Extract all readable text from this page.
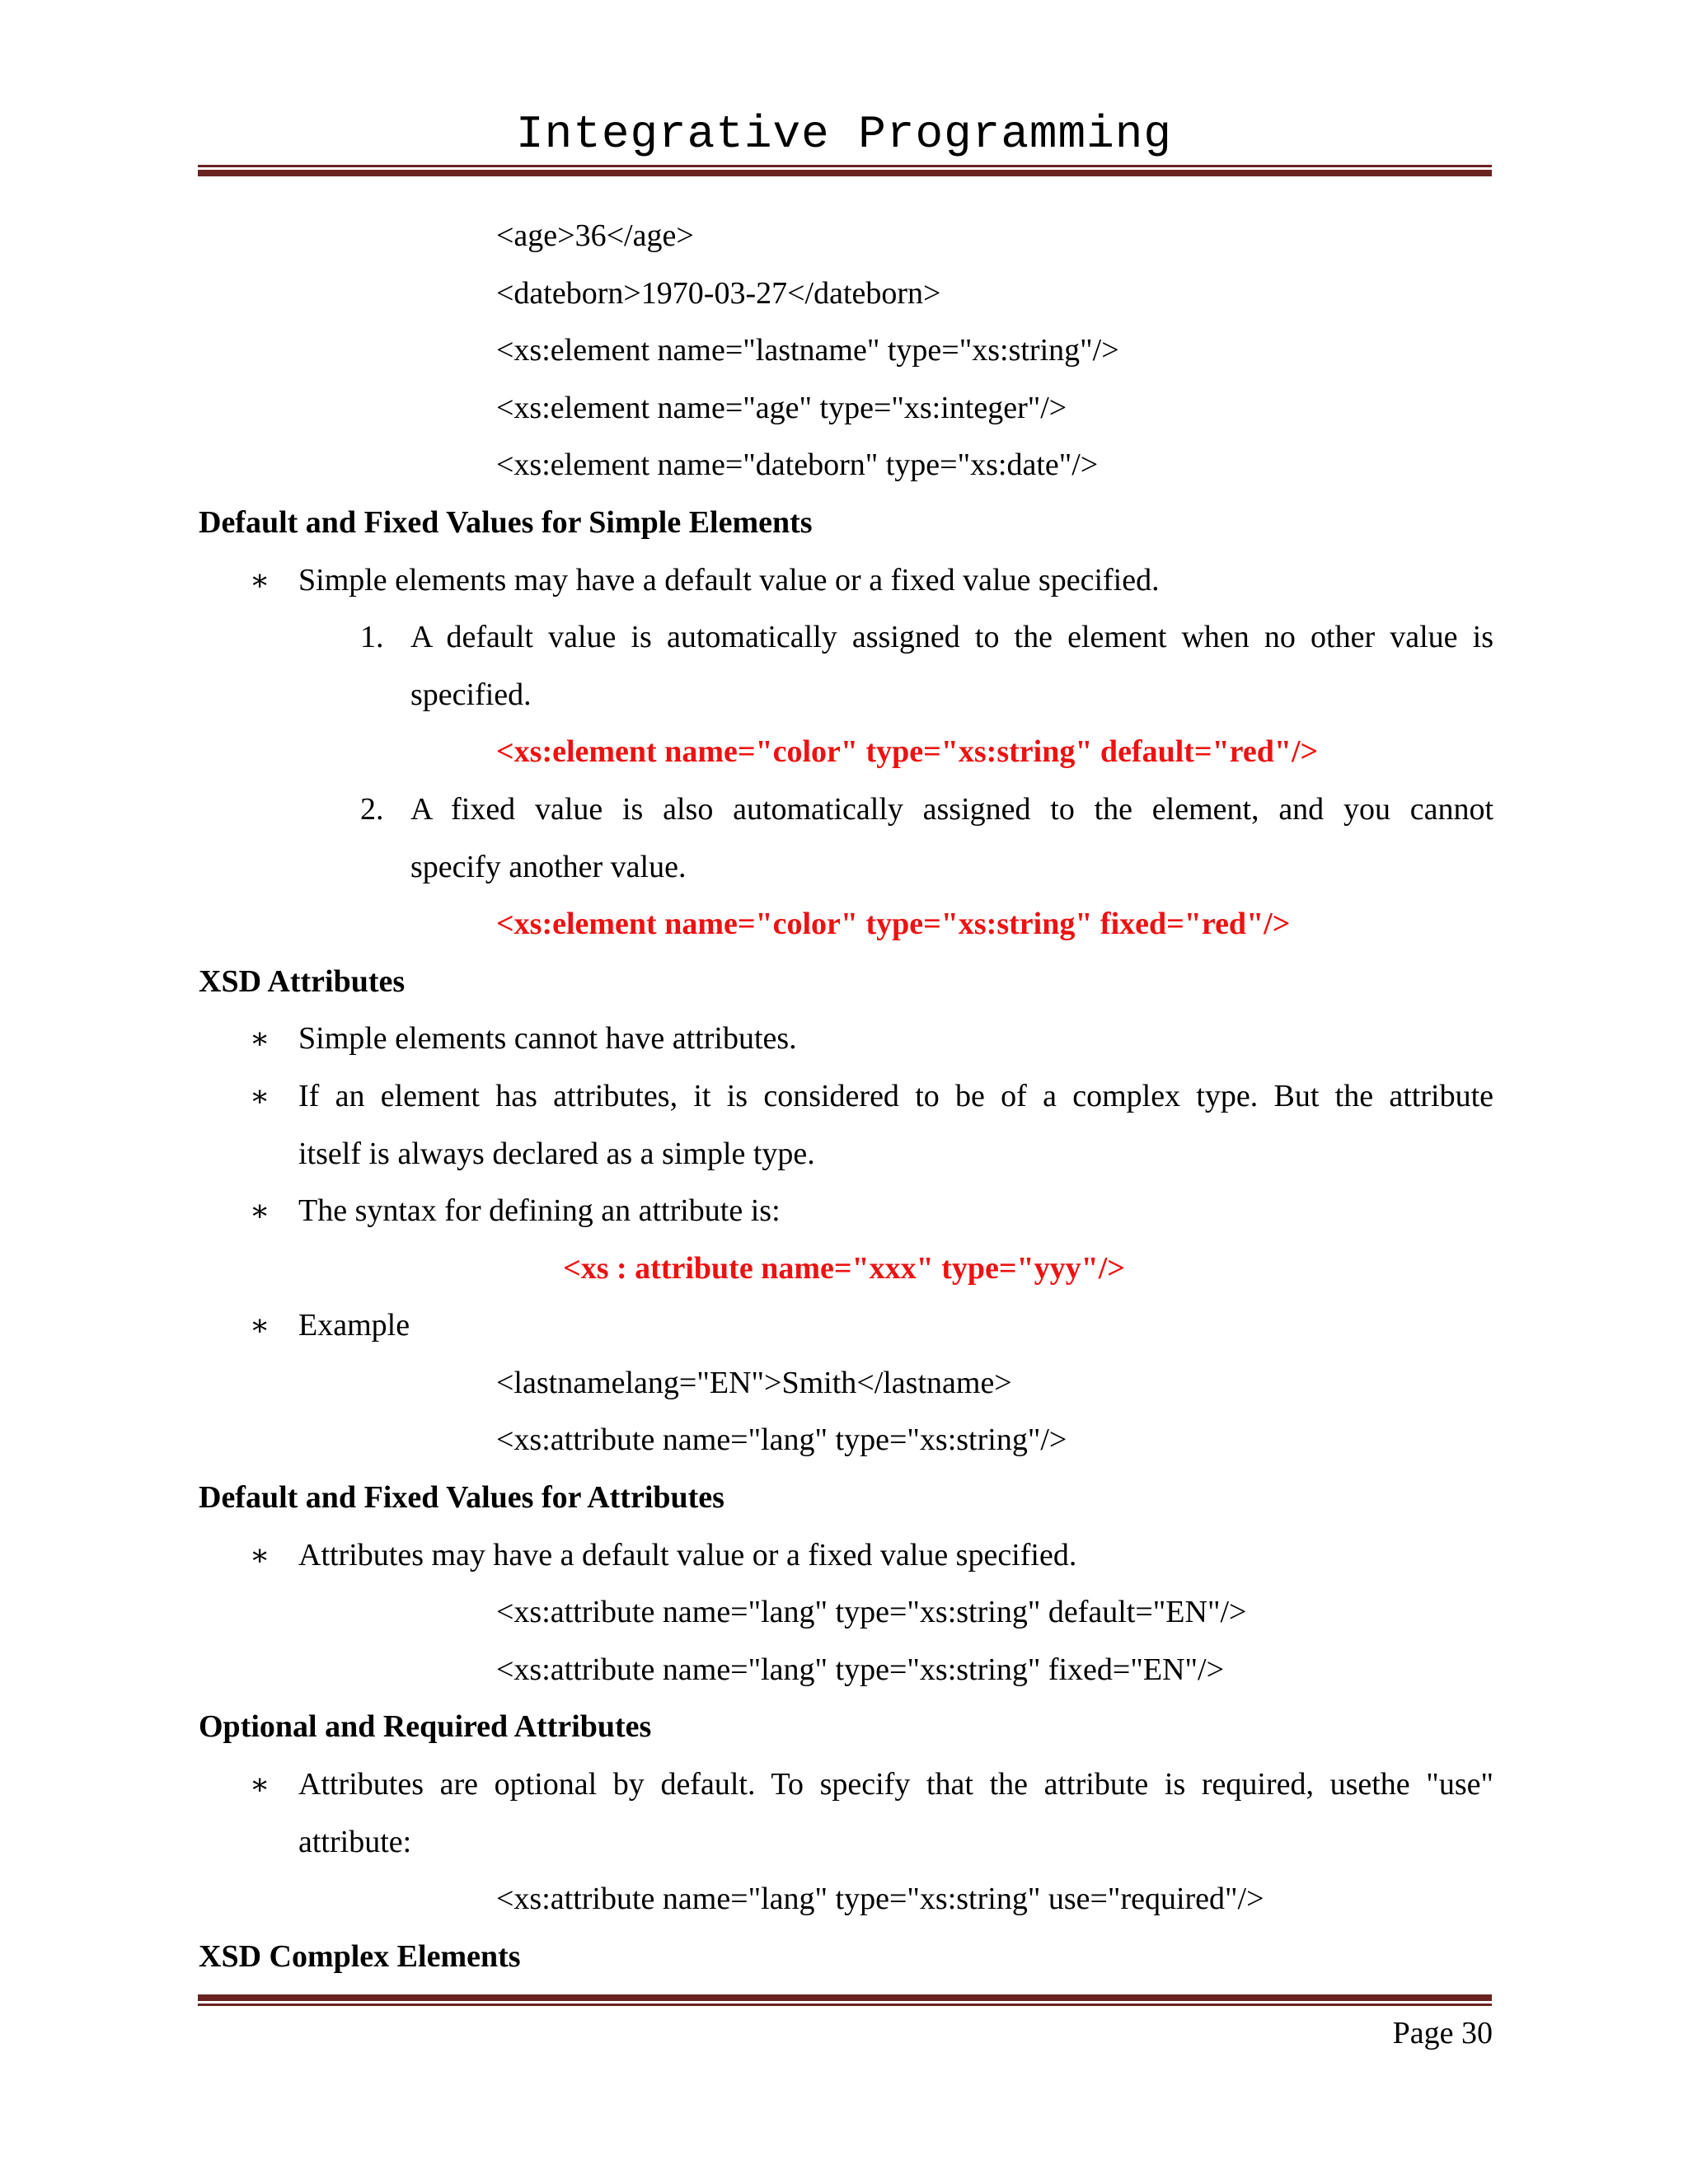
Integrative Programming
<age>36</age>
<dateborn>1970-03-27</dateborn>
<xs:element name="lastname" type="xs:string"/>
<xs:element name="age" type="xs:integer"/>
<xs:element name="dateborn" type="xs:date"/>
Default and Fixed Values for Simple Elements
∗ Simple elements may have a default value or a fixed value specified.
1. A default value is automatically assigned to the element when no other value is
specified.
<xs:element name="color" type="xs:string" default="red"/>
2. A fixed value is also automatically assigned to the element, and you cannot
specify another value.
<xs:element name="color" type="xs:string" fixed="red"/>
XSD Attributes
∗ Simple elements cannot have attributes.
∗ If an element has attributes, it is considered to be of a complex type. But the attribute
itself is always declared as a simple type.
∗ The syntax for defining an attribute is:
<xs : attribute name="xxx" type="yyy"/>
∗ Example
<lastnamelang="EN">Smith</lastname>
<xs:attribute name="lang" type="xs:string"/>
Default and Fixed Values for Attributes
∗ Attributes may have a default value or a fixed value specified.
<xs:attribute name="lang" type="xs:string" default="EN"/>
<xs:attribute name="lang" type="xs:string" fixed="EN"/>
Optional and Required Attributes
∗ Attributes are optional by default. To specify that the attribute is required, usethe "use"
attribute:
<xs:attribute name="lang" type="xs:string" use="required"/>
XSD Complex Elements
Page 30
